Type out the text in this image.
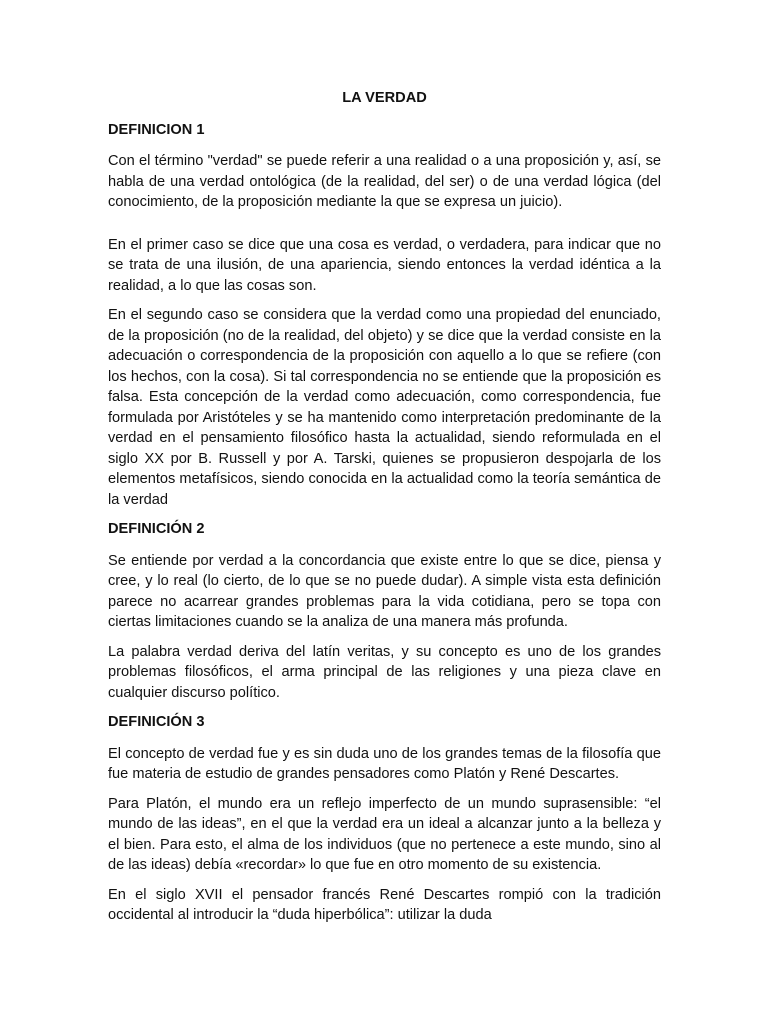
LA VERDAD
DEFINICION 1

Con el término "verdad" se puede referir a una realidad o a una proposición y, así, se habla de una verdad ontológica (de la realidad, del ser) o de una verdad lógica (del conocimiento, de la proposición mediante la que se expresa un juicio).

En el primer caso se dice que una cosa es verdad, o verdadera, para indicar que no se trata de una ilusión, de una apariencia, siendo entonces la verdad idéntica a la realidad, a lo que las cosas son.

En el segundo caso se considera que la verdad como una propiedad del enunciado, de la proposición (no de la realidad, del objeto) y se dice que la verdad consiste en la adecuación o correspondencia de la proposición con aquello a lo que se refiere (con los hechos, con la cosa). Si tal correspondencia no se entiende que la proposición es falsa. Esta concepción de la verdad como adecuación, como correspondencia, fue formulada por Aristóteles y se ha mantenido como interpretación predominante de la verdad en el pensamiento filosófico hasta la actualidad, siendo reformulada en el siglo XX por B. Russell y por A. Tarski, quienes se propusieron despojarla de los elementos metafísicos, siendo conocida en la actualidad como la teoría semántica de la verdad

DEFINICIÓN 2

Se entiende por verdad a la concordancia que existe entre lo que se dice, piensa y cree, y lo real (lo cierto, de lo que se no puede dudar). A simple vista esta definición parece no acarrear grandes problemas para la vida cotidiana, pero se topa con ciertas limitaciones cuando se la analiza de una manera más profunda.

La palabra verdad deriva del latín veritas, y su concepto es uno de los grandes problemas filosóficos, el arma principal de las religiones y una pieza clave en cualquier discurso político.

DEFINICIÓN 3

El concepto de verdad fue y es sin duda uno de los grandes temas de la filosofía que fue materia de estudio de grandes pensadores como Platón y René Descartes.

Para Platón, el mundo era un reflejo imperfecto de un mundo suprasensible: “el mundo de las ideas”, en el que la verdad era un ideal a alcanzar junto a la belleza y el bien. Para esto, el alma de los individuos (que no pertenece a este mundo, sino al de las ideas) debía «recordar» lo que fue en otro momento de su existencia.

En el siglo XVII el pensador francés René Descartes rompió con la tradición occidental al introducir la “duda hiperbólica”: utilizar la duda
